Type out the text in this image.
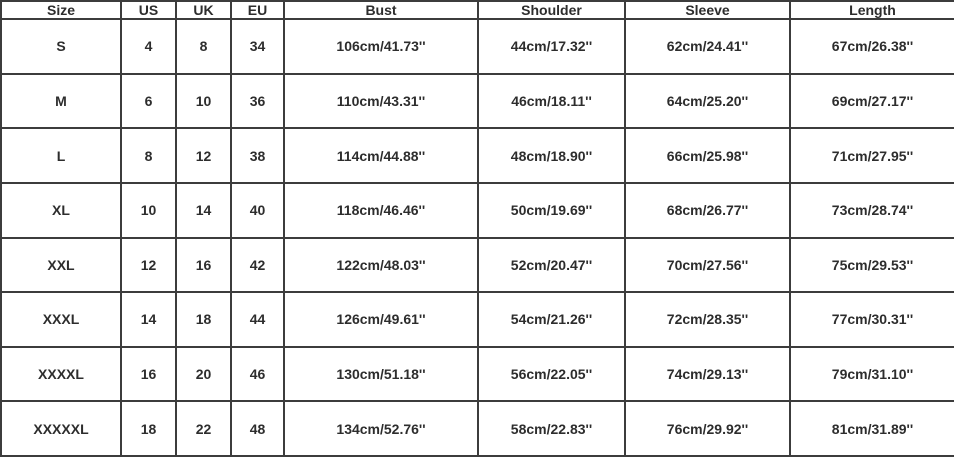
Size	US	UK	EU	Bust	Shoulder	Sleeve	Length
S	4	8	34	106cm/41.73''	44cm/17.32''	62cm/24.41''	67cm/26.38''
M	6	10	36	110cm/43.31''	46cm/18.11''	64cm/25.20''	69cm/27.17''
L	8	12	38	114cm/44.88''	48cm/18.90''	66cm/25.98''	71cm/27.95''
XL	10	14	40	118cm/46.46''	50cm/19.69''	68cm/26.77''	73cm/28.74''
XXL	12	16	42	122cm/48.03''	52cm/20.47''	70cm/27.56''	75cm/29.53''
XXXL	14	18	44	126cm/49.61''	54cm/21.26''	72cm/28.35''	77cm/30.31''
XXXXL	16	20	46	130cm/51.18''	56cm/22.05''	74cm/29.13''	79cm/31.10''
XXXXXL	18	22	48	134cm/52.76''	58cm/22.83''	76cm/29.92''	81cm/31.89''
